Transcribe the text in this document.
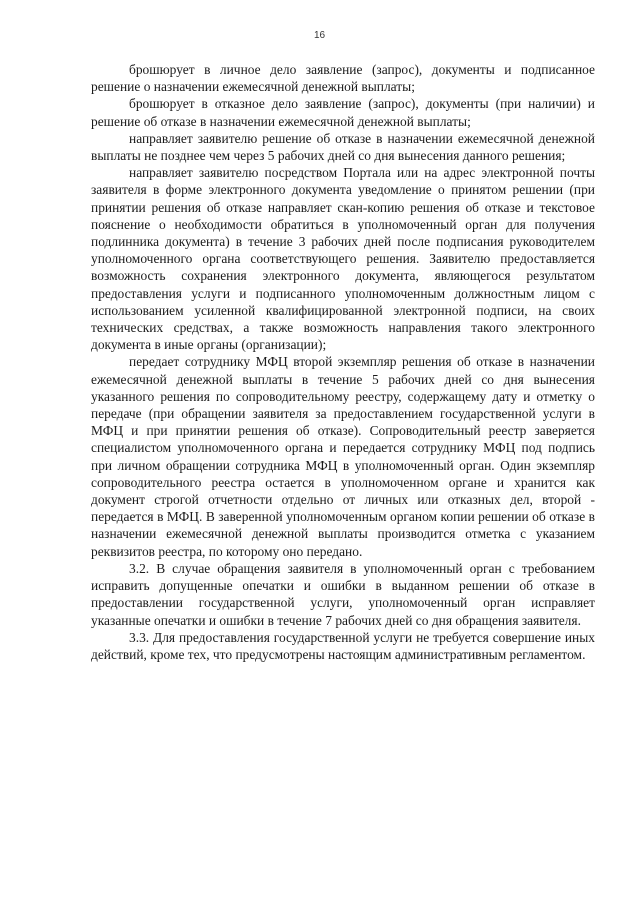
16

брошюрует в личное дело заявление (запрос), документы и подписанное решение о назначении ежемесячной денежной выплаты;

брошюрует в отказное дело заявление (запрос), документы (при наличии) и решение об отказе в назначении ежемесячной денежной выплаты;

направляет заявителю решение об отказе в назначении ежемесячной денежной выплаты не позднее чем через 5 рабочих дней со дня вынесения данного решения;

направляет заявителю посредством Портала или на адрес электронной почты заявителя в форме электронного документа уведомление о принятом решении (при принятии решения об отказе направляет скан-копию решения об отказе и текстовое пояснение о необходимости обратиться в уполномоченный орган для получения подлинника документа) в течение 3 рабочих дней после подписания руководителем уполномоченного органа соответствующего решения. Заявителю предоставляется возможность сохранения электронного документа, являющегося результатом предоставления услуги и подписанного уполномоченным должностным лицом с использованием усиленной квалифицированной электронной подписи, на своих технических средствах, а также возможность направления такого электронного документа в иные органы (организации);

передает сотруднику МФЦ второй экземпляр решения об отказе в назначении ежемесячной денежной выплаты в течение 5 рабочих дней со дня вынесения указанного решения по сопроводительному реестру, содержащему дату и отметку о передаче (при обращении заявителя за предоставлением государственной услуги в МФЦ и при принятии решения об отказе). Сопроводительный реестр заверяется специалистом уполномоченного органа и передается сотруднику МФЦ под подпись при личном обращении сотрудника МФЦ в уполномоченный орган. Один экземпляр сопроводительного реестра остается в уполномоченном органе и хранится как документ строгой отчетности отдельно от личных или отказных дел, второй - передается в МФЦ. В заверенной уполномоченным органом копии решении об отказе в назначении ежемесячной денежной выплаты производится отметка с указанием реквизитов реестра, по которому оно передано.

3.2. В случае обращения заявителя в уполномоченный орган с требованием исправить допущенные опечатки и ошибки в выданном решении об отказе в предоставлении государственной услуги, уполномоченный орган исправляет указанные опечатки и ошибки в течение 7 рабочих дней со дня обращения заявителя.

3.3. Для предоставления государственной услуги не требуется совершение иных действий, кроме тех, что предусмотрены настоящим административным регламентом.
